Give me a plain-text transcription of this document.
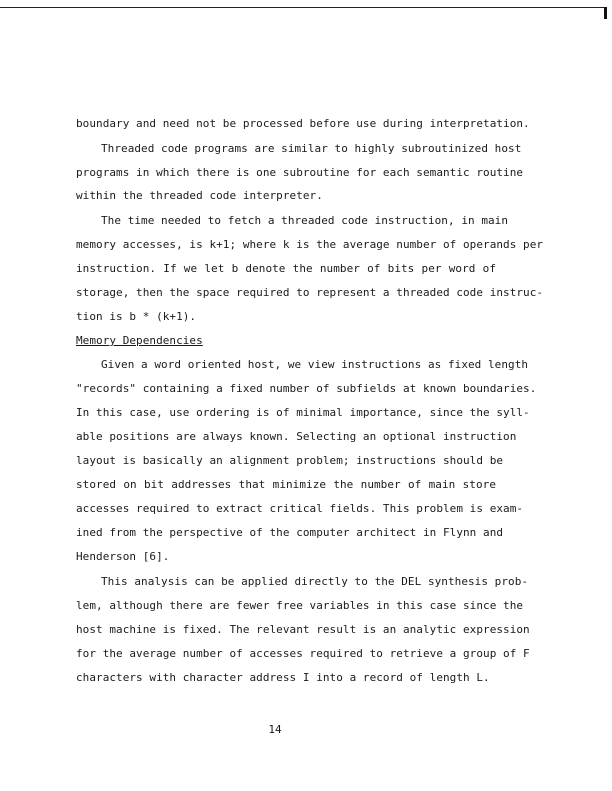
boundary and need not be processed before use during interpretation.
Threaded code programs are similar to highly subroutinized host
programs in which there is one subroutine for each semantic routine
within the threaded code interpreter.
The time needed to fetch a threaded code instruction, in main
memory accesses, is k+1; where k is the average number of operands per
instruction. If we let b denote the number of bits per word of
storage, then the space required to represent a threaded code instruc-
tion is b * (k+1).
Memory Dependencies
Given a word oriented host, we view instructions as fixed length
"records" containing a fixed number of subfields at known boundaries.
In this case, use ordering is of minimal importance, since the syll-
able positions are always known. Selecting an optional instruction
layout is basically an alignment problem; instructions should be
stored on bit addresses that minimize the number of main store
accesses required to extract critical fields. This problem is exam-
ined from the perspective of the computer architect in Flynn and
Henderson [6].
This analysis can be applied directly to the DEL synthesis prob-
lem, although there are fewer free variables in this case since the
host machine is fixed. The relevant result is an analytic expression
for the average number of accesses required to retrieve a group of F
characters with character address I into a record of length L.
14
